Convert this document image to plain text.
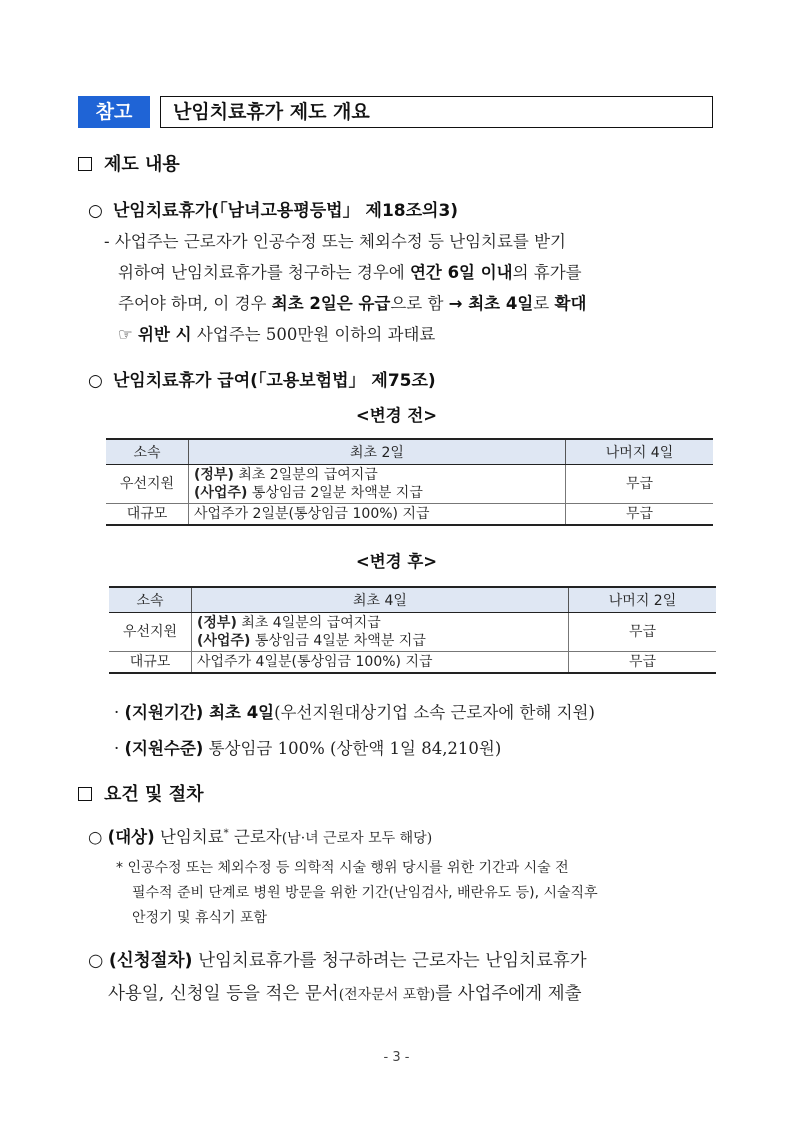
참고	난임치료휴가 제도 개요
제도 내용
○ 난임치료휴가(「남녀고용평등법」 제18조의3)
- 사업주는 근로자가 인공수정 또는 체외수정 등 난임치료를 받기
위하여 난임치료휴가를 청구하는 경우에 연간 6일 이내의 휴가를
주어야 하며, 이 경우 최초 2일은 유급으로 함 → 최초 4일로 확대
☞ 위반 시 사업주는 500만원 이하의 과태료
○ 난임치료휴가 급여(「고용보험법」 제75조)
<변경 전>
소속	최초 2일	나머지 4일
우선지원	(정부) 최초 2일분의 급여지급
(사업주) 통상임금 2일분 차액분 지급	무급
대규모	사업주가 2일분(통상임금 100%) 지급	무급
<변경 후>
소속	최초 4일	나머지 2일
우선지원	(정부) 최초 4일분의 급여지급
(사업주) 통상임금 4일분 차액분 지급	무급
대규모	사업주가 4일분(통상임금 100%) 지급	무급
· (지원기간) 최초 4일(우선지원대상기업 소속 근로자에 한해 지원)
· (지원수준) 통상임금 100% (상한액 1일 84,210원)
요건 및 절차
○ (대상) 난임치료* 근로자(남·녀 근로자 모두 해당)
* 인공수정 또는 체외수정 등 의학적 시술 행위 당시를 위한 기간과 시술 전
필수적 준비 단계로 병원 방문을 위한 기간(난임검사, 배란유도 등), 시술직후
안정기 및 휴식기 포함
○ (신청절차) 난임치료휴가를 청구하려는 근로자는 난임치료휴가
사용일, 신청일 등을 적은 문서(전자문서 포함)를 사업주에게 제출
- 3 -
